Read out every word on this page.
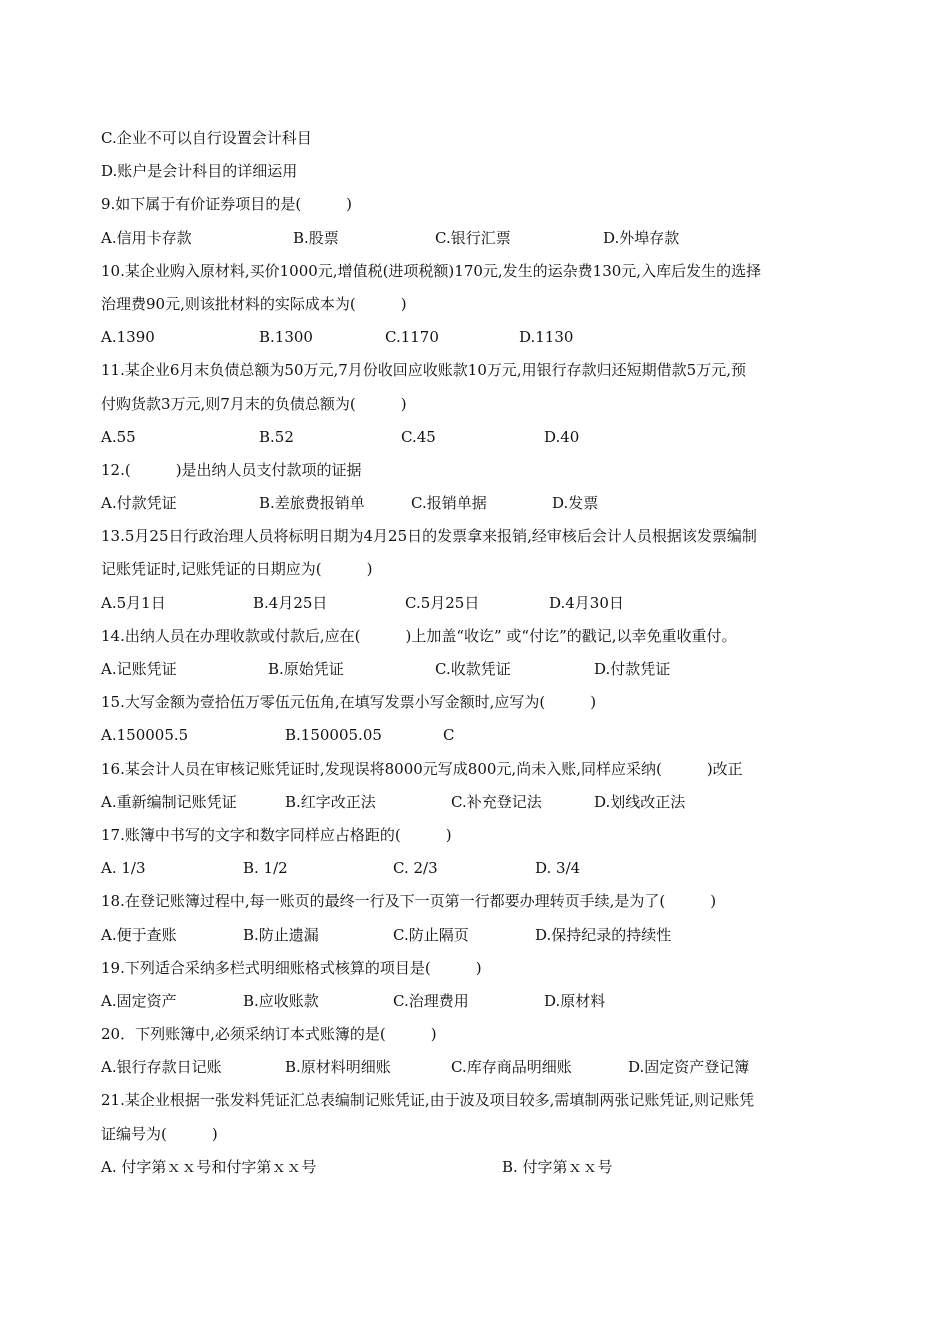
C.企业不可以自行设置会计科目
D.账户是会计科目的详细运用
9.如下属于有价证券项目的是(　　　)
A.信用卡存款	B.股票	C.银行汇票	D.外埠存款
10.某企业购入原材料,买价1000元,增值税(进项税额)170元,发生的运杂费130元,入库后发生的选择
治理费90元,则该批材料的实际成本为(　　　)
A.1390	B.1300	C.1170	D.1130
11.某企业6月末负债总额为50万元,7月份收回应收账款10万元,用银行存款归还短期借款5万元,预
付购货款3万元,则7月末的负债总额为(　　　)
A.55	B.52	C.45	D.40
12.(　　　)是出纳人员支付款项的证据
A.付款凭证	B.差旅费报销单	C.报销单据	D.发票
13.5月25日行政治理人员将标明日期为4月25日的发票拿来报销,经审核后会计人员根据该发票编制
记账凭证时,记账凭证的日期应为(　　　)
A.5月1日	B.4月25日	C.5月25日	D.4月30日
14.出纳人员在办理收款或付款后,应在(　　　)上加盖“收讫” 或“付讫”的戳记,以幸免重收重付。
A.记账凭证	B.原始凭证	C.收款凭证	D.付款凭证
15.大写金额为壹拾伍万零伍元伍角,在填写发票小写金额时,应写为(　　　)
A.150005.5	B.150005.05	C
16.某会计人员在审核记账凭证时,发现误将8000元写成800元,尚未入账,同样应采纳(　　　)改正
A.重新编制记账凭证	B.红字改正法	C.补充登记法	D.划线改正法
17.账簿中书写的文字和数字同样应占格距的(　　　)
A. 1/3	B. 1/2	C. 2/3	D. 3/4
18.在登记账簿过程中,每一账页的最终一行及下一页第一行都要办理转页手续,是为了(　　　)
A.便于查账	B.防止遗漏	C.防止隔页	D.保持纪录的持续性
19.下列适合采纳多栏式明细账格式核算的项目是(　　　)
A.固定资产	B.应收账款	C.治理费用	D.原材料
20．下列账簿中,必须采纳订本式账簿的是(　　　)
A.银行存款日记账	B.原材料明细账	C.库存商品明细账	D.固定资产登记簿
21.某企业根据一张发料凭证汇总表编制记账凭证,由于波及项目较多,需填制两张记账凭证,则记账凭
证编号为(　　　)
A. 付字第ｘｘ号和付字第ｘｘ号	B. 付字第ｘｘ号
